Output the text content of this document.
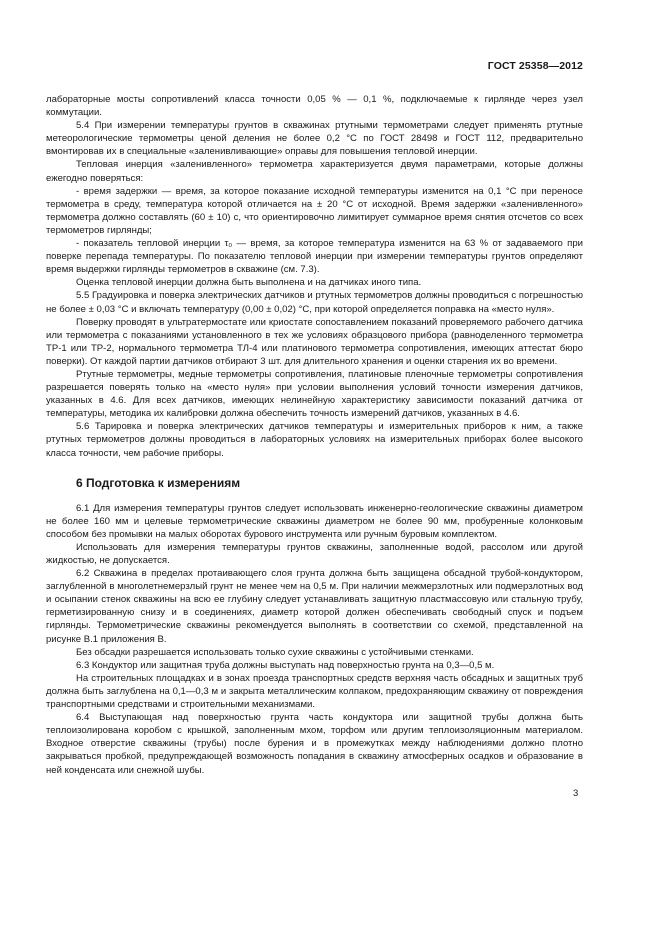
ГОСТ 25358—2012

лабораторные мосты сопротивлений класса точности 0,05 % — 0,1 %, подключаемые к гирлянде через узел коммутации.

5.4 При измерении температуры грунтов в скважинах ртутными термометрами следует применять ртутные метеорологические термометры ценой деления не более 0,2 °С по ГОСТ 28498 и ГОСТ 112, предварительно вмонтировав их в специальные «заленивливающие» оправы для повышения тепловой инерции.

Тепловая инерция «заленивленного» термометра характеризуется двумя параметрами, которые должны ежегодно поверяться:

- время задержки — время, за которое показание исходной температуры изменится на 0,1 °С при переносе термометра в среду, температура которой отличается на ± 20 °С от исходной. Время задержки «заленивленного» термометра должно составлять (60 ± 10) с, что ориентировочно лимитирует суммарное время снятия отсчетов со всех термометров гирлянды;

- показатель тепловой инерции τ₀ — время, за которое температура изменится на 63 % от задаваемого при поверке перепада температуры. По показателю тепловой инерции при измерении температуры грунтов определяют время выдержки гирлянды термометров в скважине (см. 7.3).

Оценка тепловой инерции должна быть выполнена и на датчиках иного типа.

5.5 Градуировка и поверка электрических датчиков и ртутных термометров должны проводиться с погрешностью не более ± 0,03 °С и включать температуру (0,00 ± 0,02) °С, при которой определяется поправка на «место нуля».

Поверку проводят в ультратермостате или криостате сопоставлением показаний проверяемого рабочего датчика или термометра с показаниями установленного в тех же условиях образцового прибора (равноделенного термометра ТР-1 или ТР-2, нормального термометра ТЛ-4 или платинового термометра сопротивления, имеющих аттестат бюро поверки). От каждой партии датчиков отбирают 3 шт. для длительного хранения и оценки старения их во времени.

Ртутные термометры, медные термометры сопротивления, платиновые пленочные термометры сопротивления разрешается поверять только на «место нуля» при условии выполнения условий точности измерения датчиков, указанных в 4.6. Для всех датчиков, имеющих нелинейную характеристику зависимости показаний датчика от температуры, методика их калибровки должна обеспечить точность измерений датчиков, указанных в 4.6.

5.6 Тарировка и поверка электрических датчиков температуры и измерительных приборов к ним, а также ртутных термометров должны проводиться в лабораторных условиях на измерительных приборах более высокого класса точности, чем рабочие приборы.

6 Подготовка к измерениям

6.1 Для измерения температуры грунтов следует использовать инженерно-геологические скважины диаметром не более 160 мм и целевые термометрические скважины диаметром не более 90 мм, пробуренные колонковым способом без промывки на малых оборотах бурового инструмента или ручным буровым комплектом.

Использовать для измерения температуры грунтов скважины, заполненные водой, рассолом или другой жидкостью, не допускается.

6.2 Скважина в пределах протаивающего слоя грунта должна быть защищена обсадной трубой-кондуктором, заглубленной в многолетнемерзлый грунт не менее чем на 0,5 м. При наличии межмерзлотных или подмерзлотных вод и осыпании стенок скважины на всю ее глубину следует устанавливать защитную пластмассовую или стальную трубу, герметизированную снизу и в соединениях, диаметр которой должен обеспечивать свободный спуск и подъем гирлянды. Термометрические скважины рекомендуется выполнять в соответствии со схемой, представленной на рисунке В.1 приложения В.

Без обсадки разрешается использовать только сухие скважины с устойчивыми стенками.

6.3 Кондуктор или защитная труба должны выступать над поверхностью грунта на 0,3—0,5 м.

На строительных площадках и в зонах проезда транспортных средств верхняя часть обсадных и защитных труб должна быть заглублена на 0,1—0,3 м и закрыта металлическим колпаком, предохраняющим скважину от повреждения транспортными средствами и строительными механизмами.

6.4 Выступающая над поверхностью грунта часть кондуктора или защитной трубы должна быть теплоизолирована коробом с крышкой, заполненным мхом, торфом или другим теплоизоляционным материалом. Входное отверстие скважины (трубы) после бурения и в промежутках между наблюдениями должно плотно закрываться пробкой, предупреждающей возможность попадания в скважину атмосферных осадков и образование в ней конденсата или снежной шубы.

3
